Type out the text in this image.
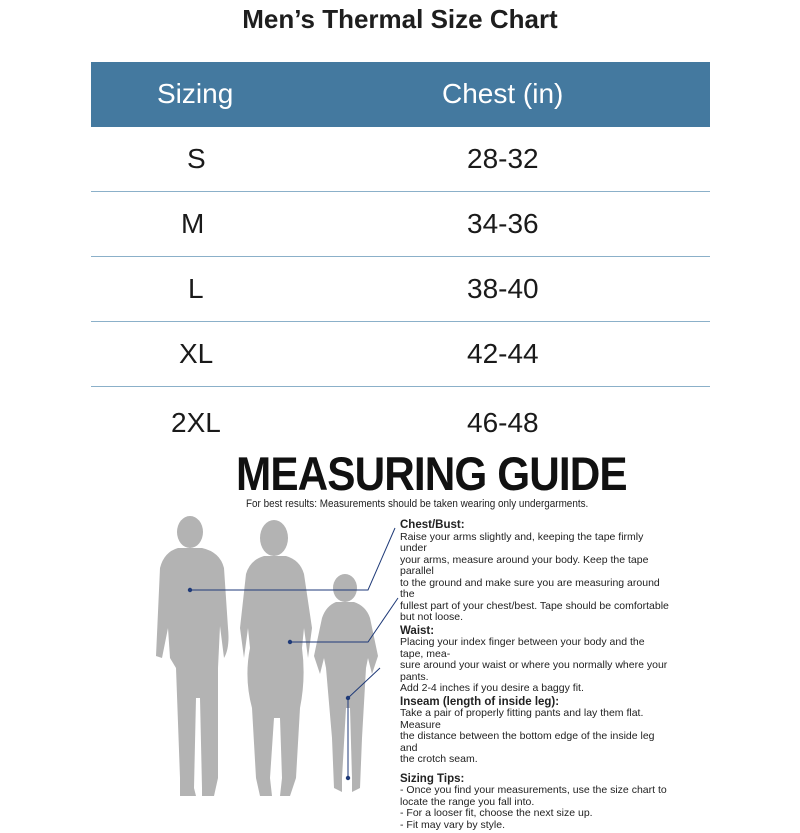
Men’s Thermal Size Chart
Sizing	Chest (in)
S	28-32
M	34-36
L	38-40
XL	42-44
2XL	46-48
MEASURING GUIDE
For best results: Measurements should be taken wearing only undergarments.
Chest/Bust:
Raise your arms slightly and, keeping the tape firmly under
your arms, measure around your body. Keep the tape parallel
to the ground and make sure you are measuring around the
fullest part of your chest/best. Tape should be comfortable
but not loose.
Waist:
Placing your index finger between your body and the tape, mea-
sure around your waist or where you normally where your pants.
Add 2-4 inches if you desire a baggy fit.
Inseam (length of inside leg):
Take a pair of properly fitting pants and lay them flat. Measure
the distance between the bottom edge of the inside leg and
the crotch seam.
Sizing Tips:
- Once you find your measurements, use the size chart to
locate the range you fall into.
- For a looser fit, choose the next size up.
- Fit may vary by style.
